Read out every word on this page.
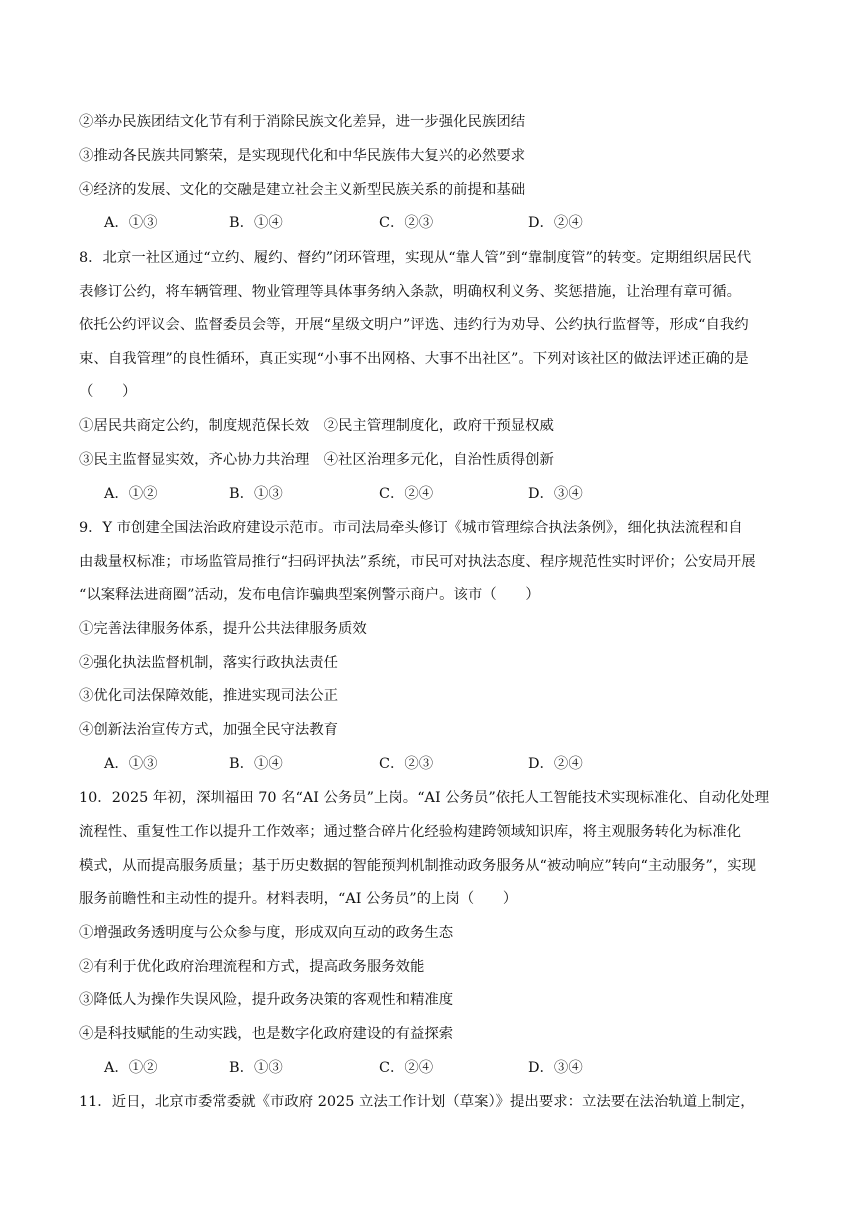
②举办民族团结文化节有利于消除民族文化差异，进一步强化民族团结
③推动各民族共同繁荣，是实现现代化和中华民族伟大复兴的必然要求
④经济的发展、文化的交融是建立社会主义新型民族关系的前提和基础
A．①③	B．①④	C．②③	D．②④
8．北京一社区通过“立约、履约、督约”闭环管理，实现从“靠人管”到“靠制度管”的转变。定期组织居民代
表修订公约，将车辆管理、物业管理等具体事务纳入条款，明确权利义务、奖惩措施，让治理有章可循。
依托公约评议会、监督委员会等，开展“星级文明户”评选、违约行为劝导、公约执行监督等，形成“自我约
束、自我管理”的良性循环，真正实现“小事不出网格、大事不出社区”。下列对该社区的做法评述正确的是
（　　）
①居民共商定公约，制度规范保长效　②民主管理制度化，政府干预显权威
③民主监督显实效，齐心协力共治理　④社区治理多元化，自治性质得创新
A．①②	B．①③	C．②④	D．③④
9．Y 市创建全国法治政府建设示范市。市司法局牵头修订《城市管理综合执法条例》，细化执法流程和自
由裁量权标准；市场监管局推行“扫码评执法”系统，市民可对执法态度、程序规范性实时评价；公安局开展
“以案释法进商圈”活动，发布电信诈骗典型案例警示商户。该市（　　）
①完善法律服务体系，提升公共法律服务质效
②强化执法监督机制，落实行政执法责任
③优化司法保障效能，推进实现司法公正
④创新法治宣传方式，加强全民守法教育
A．①③	B．①④	C．②③	D．②④
10．2025 年初，深圳福田 70 名“AI 公务员”上岗。“AI 公务员”依托人工智能技术实现标准化、自动化处理
流程性、重复性工作以提升工作效率；通过整合碎片化经验构建跨领域知识库，将主观服务转化为标准化
模式，从而提高服务质量；基于历史数据的智能预判机制推动政务服务从“被动响应”转向“主动服务”，实现
服务前瞻性和主动性的提升。材料表明，“AI 公务员”的上岗（　　）
①增强政务透明度与公众参与度，形成双向互动的政务生态
②有利于优化政府治理流程和方式，提高政务服务效能
③降低人为操作失误风险，提升政务决策的客观性和精准度
④是科技赋能的生动实践，也是数字化政府建设的有益探索
A．①②	B．①③	C．②④	D．③④
11．近日，北京市委常委就《市政府 2025 立法工作计划（草案）》提出要求：立法要在法治轨道上制定，
